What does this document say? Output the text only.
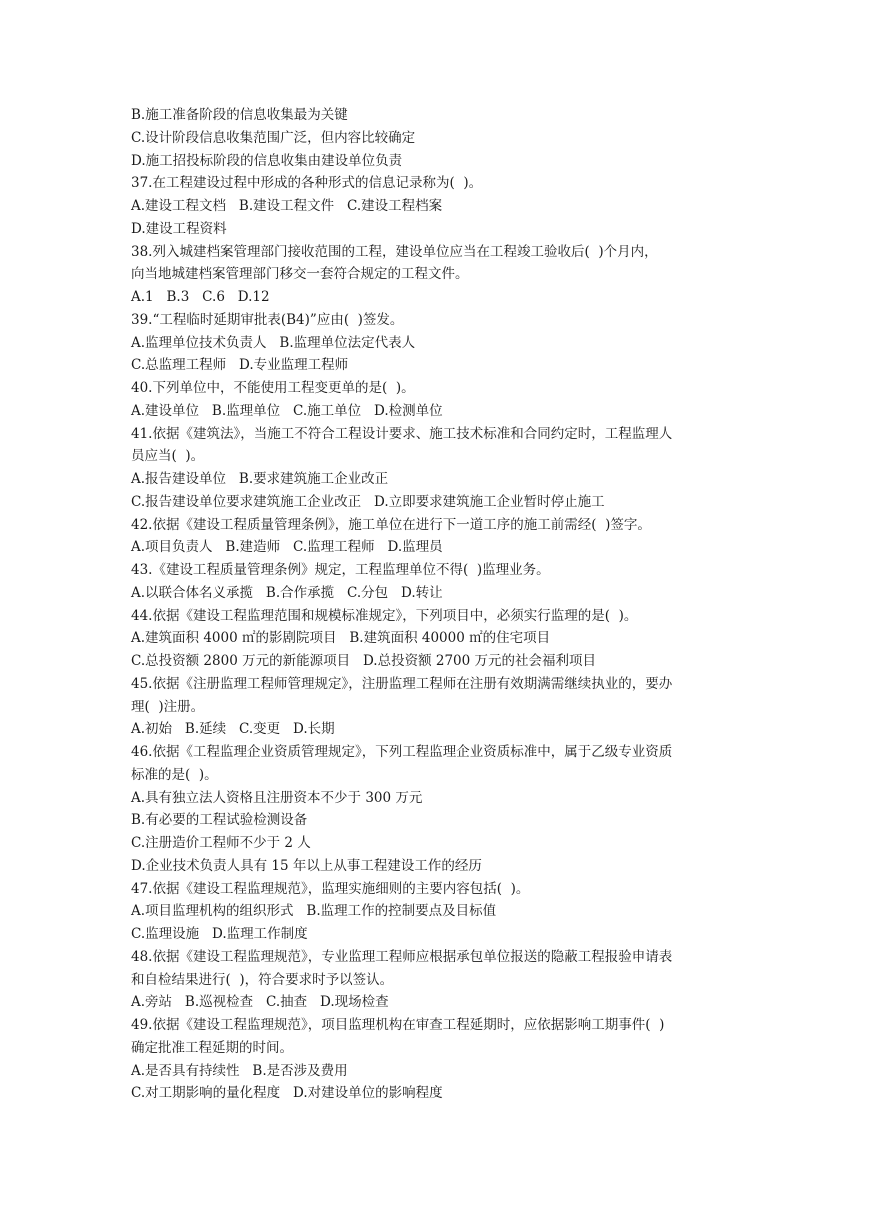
B.施工准备阶段的信息收集最为关键
C.设计阶段信息收集范围广泛，但内容比较确定
D.施工招投标阶段的信息收集由建设单位负责
37.在工程建设过程中形成的各种形式的信息记录称为(  )。
A.建设工程文档   B.建设工程文件   C.建设工程档案
D.建设工程资料
38.列入城建档案管理部门接收范围的工程，建设单位应当在工程竣工验收后(  )个月内，
向当地城建档案管理部门移交一套符合规定的工程文件。
A.1   B.3   C.6   D.12
39.“工程临时延期审批表(B4)”应由(  )签发。
A.监理单位技术负责人   B.监理单位法定代表人
C.总监理工程师   D.专业监理工程师
40.下列单位中，不能使用工程变更单的是(  )。
A.建设单位   B.监理单位   C.施工单位   D.检测单位
41.依据《建筑法》，当施工不符合工程设计要求、施工技术标准和合同约定时，工程监理人
员应当(  )。
A.报告建设单位   B.要求建筑施工企业改正
C.报告建设单位要求建筑施工企业改正   D.立即要求建筑施工企业暂时停止施工
42.依据《建设工程质量管理条例》，施工单位在进行下一道工序的施工前需经(  )签字。
A.项目负责人   B.建造师   C.监理工程师   D.监理员
43.《建设工程质量管理条例》规定，工程监理单位不得(  )监理业务。
A.以联合体名义承揽   B.合作承揽   C.分包   D.转让
44.依据《建设工程监理范围和规模标准规定》，下列项目中，必须实行监理的是(  )。
A.建筑面积 4000 ㎡的影剧院项目   B.建筑面积 40000 ㎡的住宅项目
C.总投资额 2800 万元的新能源项目   D.总投资额 2700 万元的社会福利项目
45.依据《注册监理工程师管理规定》，注册监理工程师在注册有效期满需继续执业的，要办
理(  )注册。
A.初始   B.延续   C.变更   D.长期
46.依据《工程监理企业资质管理规定》，下列工程监理企业资质标准中，属于乙级专业资质
标准的是(  )。
A.具有独立法人资格且注册资本不少于 300 万元
B.有必要的工程试验检测设备
C.注册造价工程师不少于 2 人
D.企业技术负责人具有 15 年以上从事工程建设工作的经历
47.依据《建设工程监理规范》，监理实施细则的主要内容包括(  )。
A.项目监理机构的组织形式   B.监理工作的控制要点及目标值
C.监理设施   D.监理工作制度
48.依据《建设工程监理规范》，专业监理工程师应根据承包单位报送的隐蔽工程报验申请表
和自检结果进行(  )，符合要求时予以签认。
A.旁站   B.巡视检查   C.抽查   D.现场检查
49.依据《建设工程监理规范》，项目监理机构在审查工程延期时，应依据影响工期事件(  )
确定批准工程延期的时间。
A.是否具有持续性   B.是否涉及费用
C.对工期影响的量化程度   D.对建设单位的影响程度
